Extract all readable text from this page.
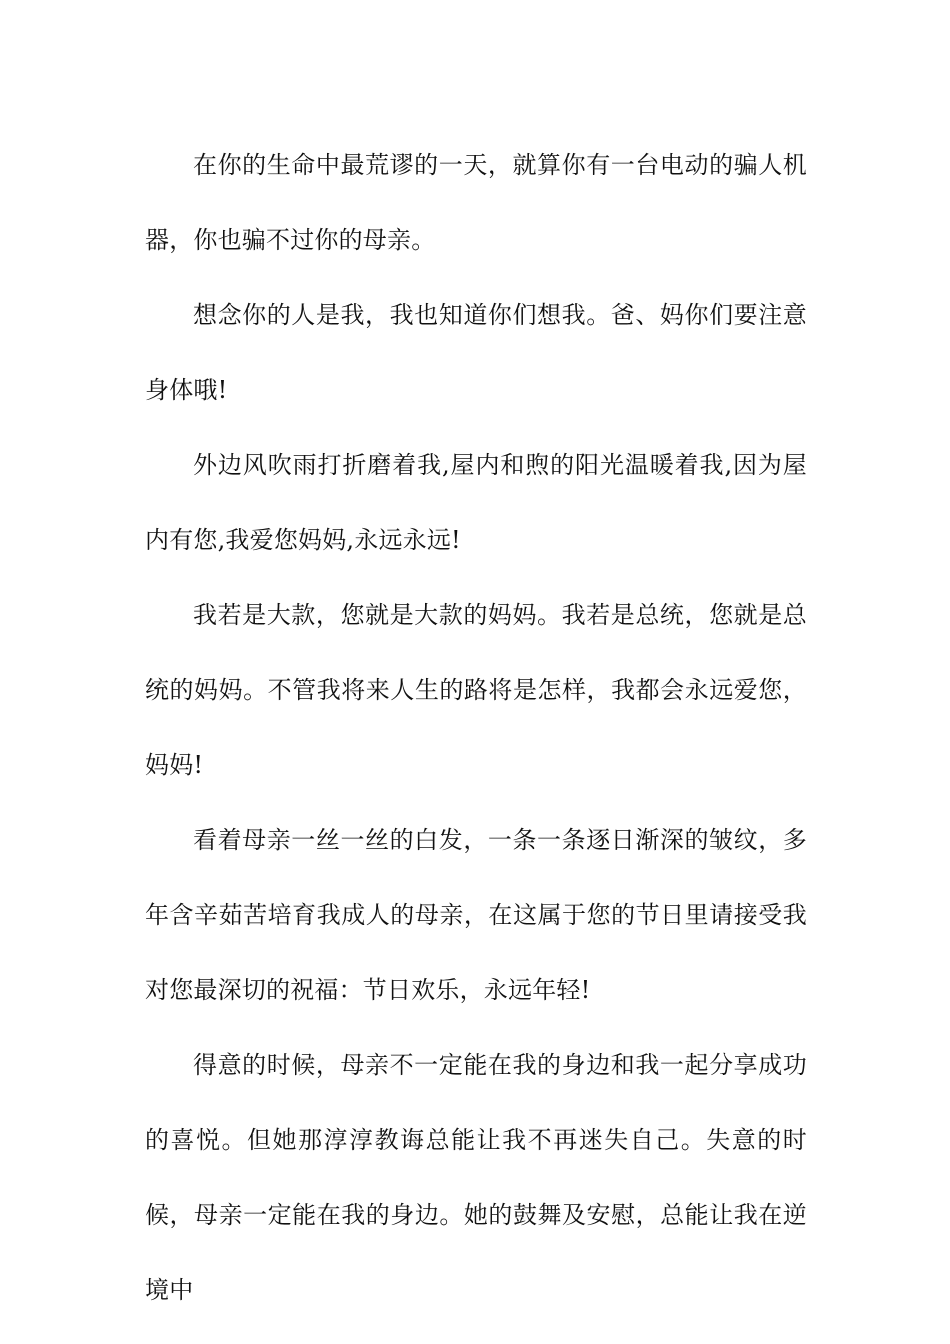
在你的生命中最荒谬的一天，就算你有一台电动的骗人机器，你也骗不过你的母亲。

想念你的人是我，我也知道你们想我。爸、妈你们要注意身体哦!

外边风吹雨打折磨着我,屋内和煦的阳光温暖着我,因为屋内有您,我爱您妈妈,永远永远!

我若是大款，您就是大款的妈妈。我若是总统，您就是总统的妈妈。不管我将来人生的路将是怎样，我都会永远爱您，妈妈!

看着母亲一丝一丝的白发，一条一条逐日渐深的皱纹，多年含辛茹苦培育我成人的母亲，在这属于您的节日里请接受我对您最深切的祝福：节日欢乐，永远年轻!

得意的时候，母亲不一定能在我的身边和我一起分享成功的喜悦。但她那淳淳教诲总能让我不再迷失自己。失意的时候，母亲一定能在我的身边。她的鼓舞及安慰，总能让我在逆境中
